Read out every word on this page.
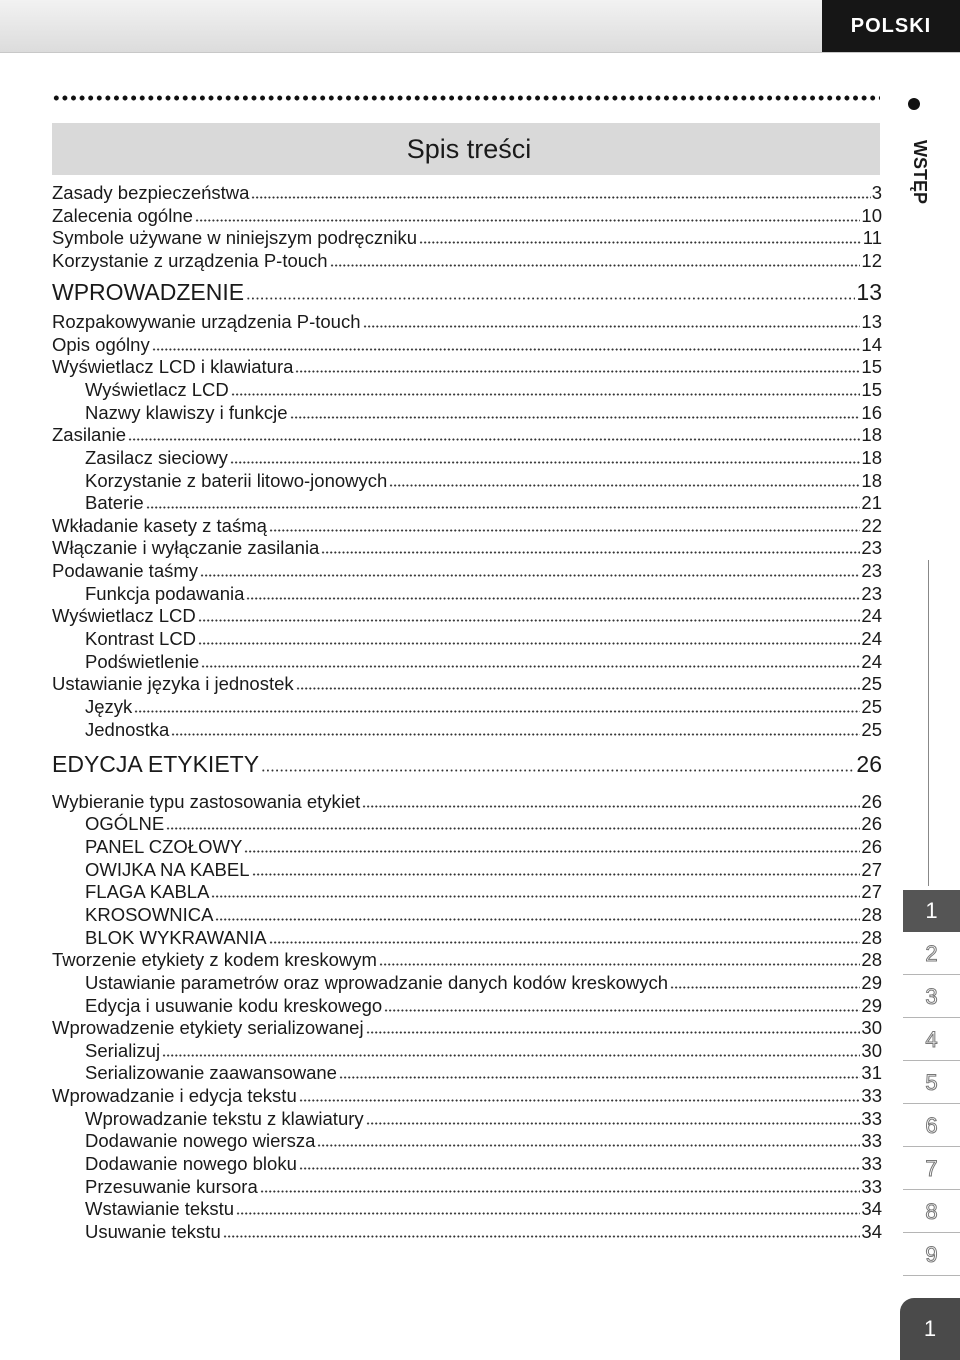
POLSKI
Spis treści
Zasady bezpieczeństwa	3
Zalecenia ogólne	10
Symbole używane w niniejszym podręczniku	11
Korzystanie z urządzenia P-touch	12
WPROWADZENIE	13
Rozpakowywanie urządzenia P-touch	13
Opis ogólny	14
Wyświetlacz LCD i klawiatura	15
Wyświetlacz LCD	15
Nazwy klawiszy i funkcje	16
Zasilanie	18
Zasilacz sieciowy	18
Korzystanie z baterii litowo-jonowych	18
Baterie	21
Wkładanie kasety z taśmą	22
Włączanie i wyłączanie zasilania	23
Podawanie taśmy	23
Funkcja podawania	23
Wyświetlacz LCD	24
Kontrast LCD	24
Podświetlenie	24
Ustawianie języka i jednostek	25
Język	25
Jednostka	25
EDYCJA ETYKIETY	26
Wybieranie typu zastosowania etykiet	26
OGÓLNE	26
PANEL CZOŁOWY	26
OWIJKA NA KABEL	27
FLAGA KABLA	27
KROSOWNICA	28
BLOK WYKRAWANIA	28
Tworzenie etykiety z kodem kreskowym	28
Ustawianie parametrów oraz wprowadzanie danych kodów kreskowych	29
Edycja i usuwanie kodu kreskowego	29
Wprowadzenie etykiety serializowanej	30
Serializuj	30
Serializowanie zaawansowane	31
Wprowadzanie i edycja tekstu	33
Wprowadzanie tekstu z klawiatury	33
Dodawanie nowego wiersza	33
Dodawanie nowego bloku	33
Przesuwanie kursora	33
Wstawianie tekstu	34
Usuwanie tekstu	34
WSTĘP
1
2
3
4
5
6
7
8
9
1
